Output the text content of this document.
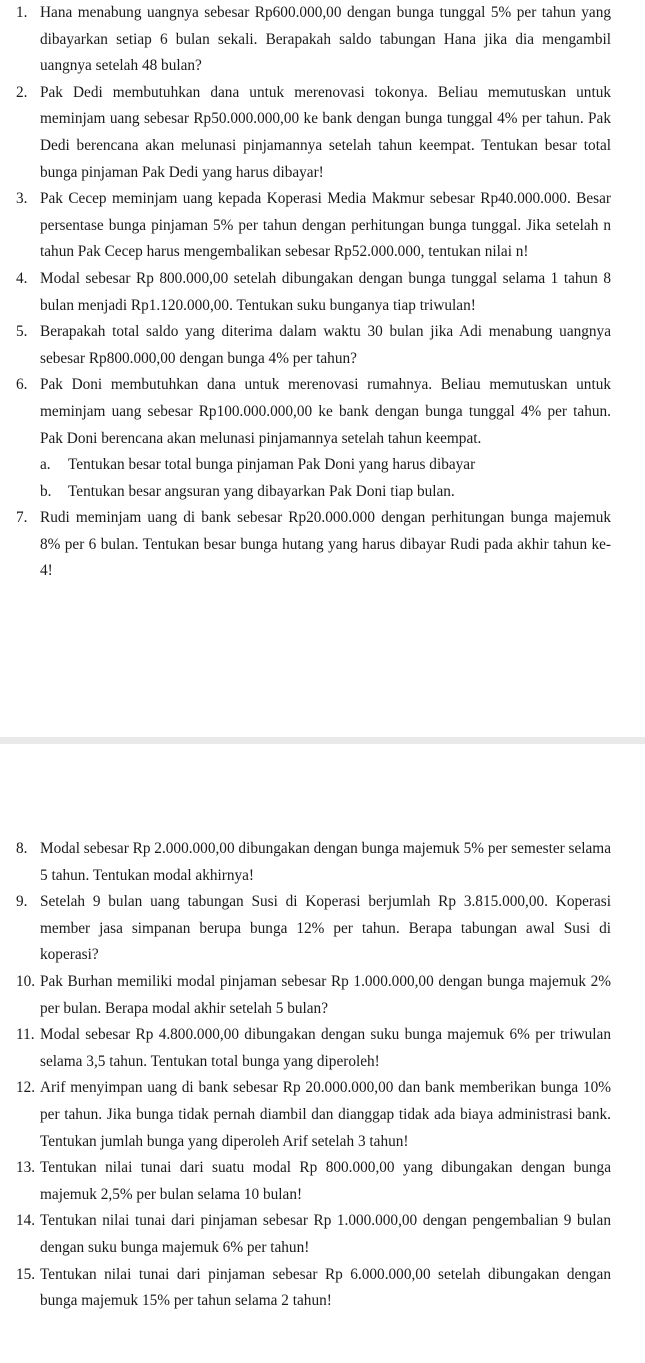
1. Hana menabung uangnya sebesar Rp600.000,00 dengan bunga tunggal 5% per tahun yang dibayarkan setiap 6 bulan sekali. Berapakah saldo tabungan Hana jika dia mengambil uangnya setelah 48 bulan?
2. Pak Dedi membutuhkan dana untuk merenovasi tokonya. Beliau memutuskan untuk meminjam uang sebesar Rp50.000.000,00 ke bank dengan bunga tunggal 4% per tahun. Pak Dedi berencana akan melunasi pinjamannya setelah tahun keempat. Tentukan besar total bunga pinjaman Pak Dedi yang harus dibayar!
3. Pak Cecep meminjam uang kepada Koperasi Media Makmur sebesar Rp40.000.000. Besar persentase bunga pinjaman 5% per tahun dengan perhitungan bunga tunggal. Jika setelah n tahun Pak Cecep harus mengembalikan sebesar Rp52.000.000, tentukan nilai n!
4. Modal sebesar Rp 800.000,00 setelah dibungakan dengan bunga tunggal selama 1 tahun 8 bulan menjadi Rp1.120.000,00. Tentukan suku bunganya tiap triwulan!
5. Berapakah total saldo yang diterima dalam waktu 30 bulan jika Adi menabung uangnya sebesar Rp800.000,00 dengan bunga 4% per tahun?
6. Pak Doni membutuhkan dana untuk merenovasi rumahnya. Beliau memutuskan untuk meminjam uang sebesar Rp100.000.000,00 ke bank dengan bunga tunggal 4% per tahun. Pak Doni berencana akan melunasi pinjamannya setelah tahun keempat.
a. Tentukan besar total bunga pinjaman Pak Doni yang harus dibayar
b. Tentukan besar angsuran yang dibayarkan Pak Doni tiap bulan.
7. Rudi meminjam uang di bank sebesar Rp20.000.000 dengan perhitungan bunga majemuk 8% per 6 bulan. Tentukan besar bunga hutang yang harus dibayar Rudi pada akhir tahun ke-4!
8. Modal sebesar Rp 2.000.000,00 dibungakan dengan bunga majemuk 5% per semester selama 5 tahun. Tentukan modal akhirnya!
9. Setelah 9 bulan uang tabungan Susi di Koperasi berjumlah Rp 3.815.000,00. Koperasi member jasa simpanan berupa bunga 12% per tahun. Berapa tabungan awal Susi di koperasi?
10. Pak Burhan memiliki modal pinjaman sebesar Rp 1.000.000,00 dengan bunga majemuk 2% per bulan. Berapa modal akhir setelah 5 bulan?
11. Modal sebesar Rp 4.800.000,00 dibungakan dengan suku bunga majemuk 6% per triwulan selama 3,5 tahun. Tentukan total bunga yang diperoleh!
12. Arif menyimpan uang di bank sebesar Rp 20.000.000,00 dan bank memberikan bunga 10% per tahun. Jika bunga tidak pernah diambil dan dianggap tidak ada biaya administrasi bank. Tentukan jumlah bunga yang diperoleh Arif setelah 3 tahun!
13. Tentukan nilai tunai dari suatu modal Rp 800.000,00 yang dibungakan dengan bunga majemuk 2,5% per bulan selama 10 bulan!
14. Tentukan nilai tunai dari pinjaman sebesar Rp 1.000.000,00 dengan pengembalian 9 bulan dengan suku bunga majemuk 6% per tahun!
15. Tentukan nilai tunai dari pinjaman sebesar Rp 6.000.000,00 setelah dibungakan dengan bunga majemuk 15% per tahun selama 2 tahun!
